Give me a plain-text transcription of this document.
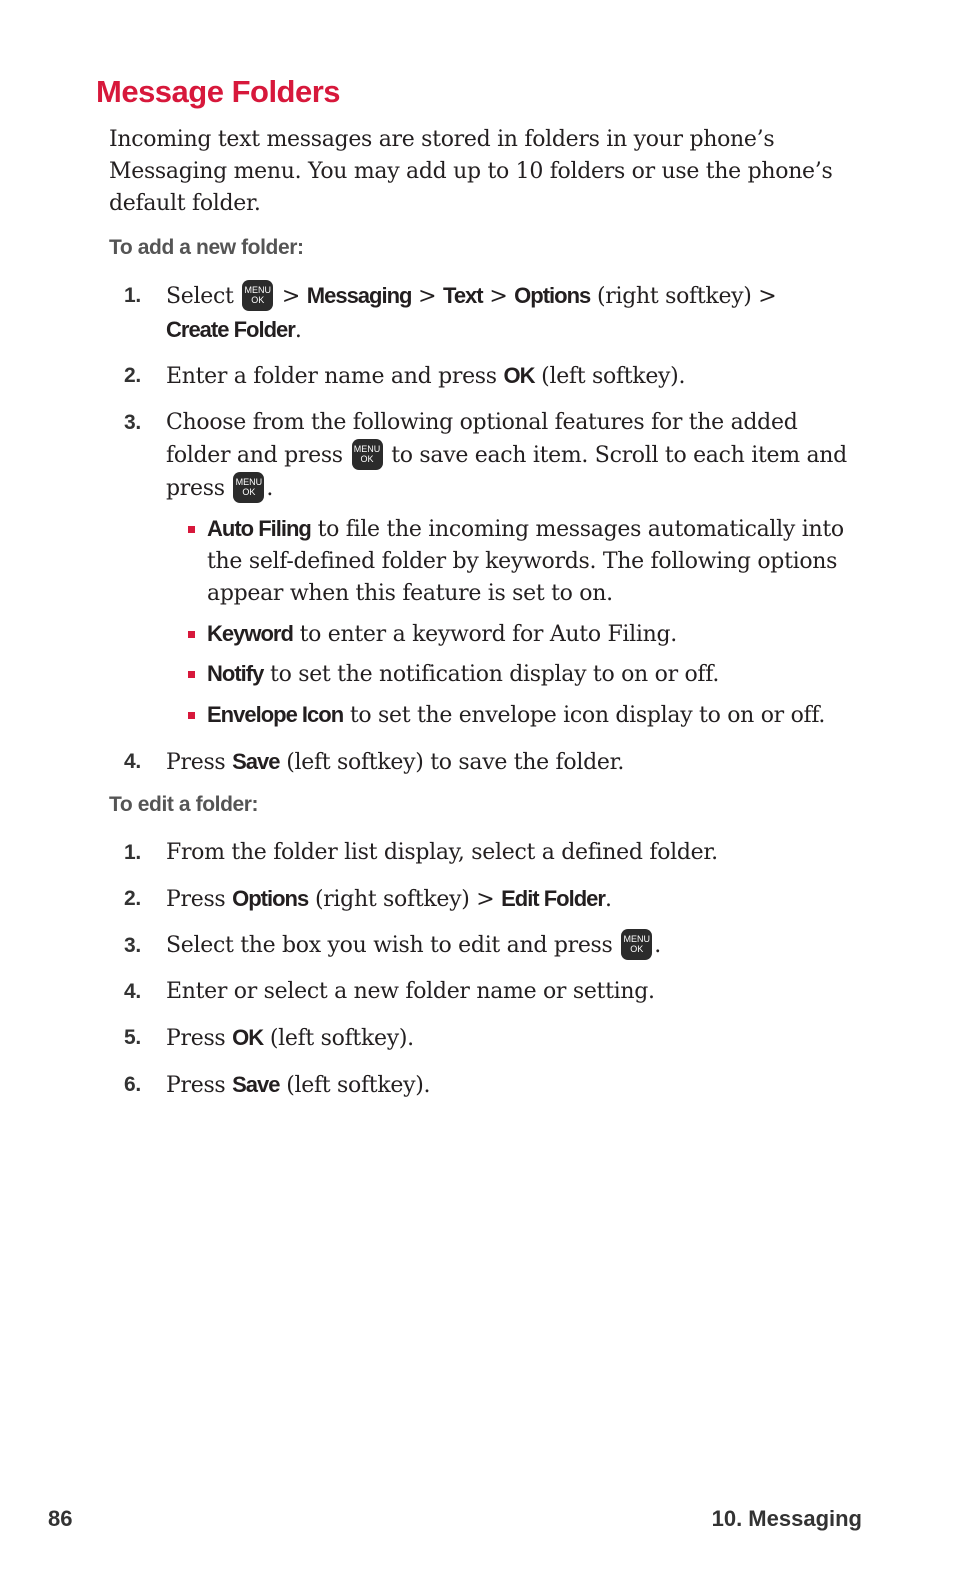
Message Folders

Incoming text messages are stored in folders in your phone’s Messaging menu. You may add up to 10 folders or use the phone’s default folder.

To add a new folder:

1. Select MENU
OK > Messaging > Text > Options (right softkey) >
Create Folder.
2. Enter a folder name and press OK (left softkey).
3. Choose from the following optional features for the added folder and press MENU
OK to save each item. Scroll to each item and press MENU
OK .
Auto Filing to file the incoming messages automatically into the self-defined folder by keywords. The following options appear when this feature is set to on.
Keyword to enter a keyword for Auto Filing.
Notify to set the notification display to on or off.
Envelope Icon to set the envelope icon display to on or off.
4. Press Save (left softkey) to save the folder.

To edit a folder:

1. From the folder list display, select a defined folder.
2. Press Options (right softkey) > Edit Folder.
3. Select the box you wish to edit and press MENU
OK .
4. Enter or select a new folder name or setting.
5. Press OK (left softkey).
6. Press Save (left softkey).
86	10. Messaging
